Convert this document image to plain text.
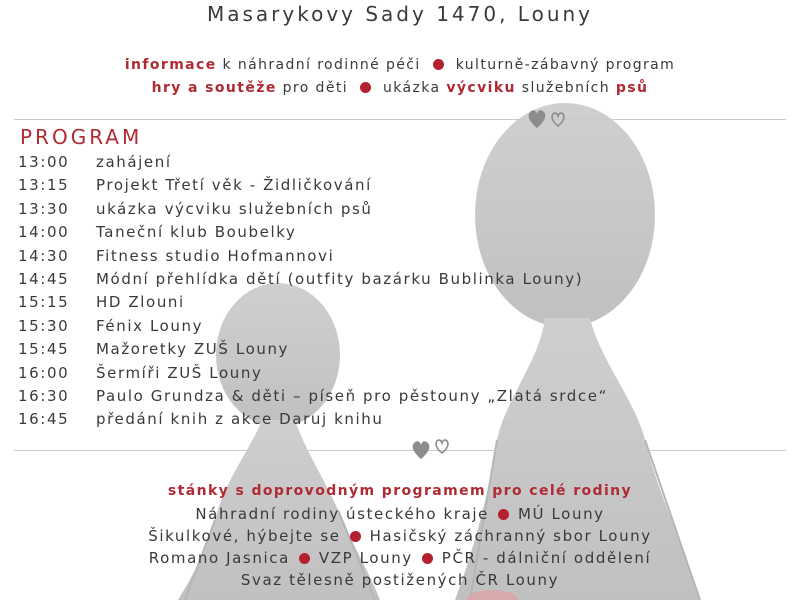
Masarykovy Sady 1470, Louny
informace k náhradní rodinné péči	kulturně-zábavný program
hry a soutěže pro děti	ukázka výcviku služebních psů
PROGRAM
13:00 zahájení
13:15 Projekt Třetí věk - Židličkování
13:30 ukázka výcviku služebních psů
14:00 Taneční klub Boubelky
14:30 Fitness studio Hofmannovi
14:45 Módní přehlídka dětí (outfity bazárku Bublinka Louny)
15:15 HD Zlouni
15:30 Fénix Louny
15:45 Mažoretky ZUŠ Louny
16:00 Šermíři ZUŠ Louny
16:30 Paulo Grundza & děti – píseň pro pěstouny „Zlatá srdce“
16:45 předání knih z akce Daruj knihu
stánky s doprovodným programem pro celé rodiny
Náhradní rodiny ústeckého kraje MÚ Louny
Šikulkové, hýbejte se Hasičský záchranný sbor Louny
Romano Jasnica VZP Louny PČR - dálniční oddělení
Svaz tělesně postižených ČR Louny
